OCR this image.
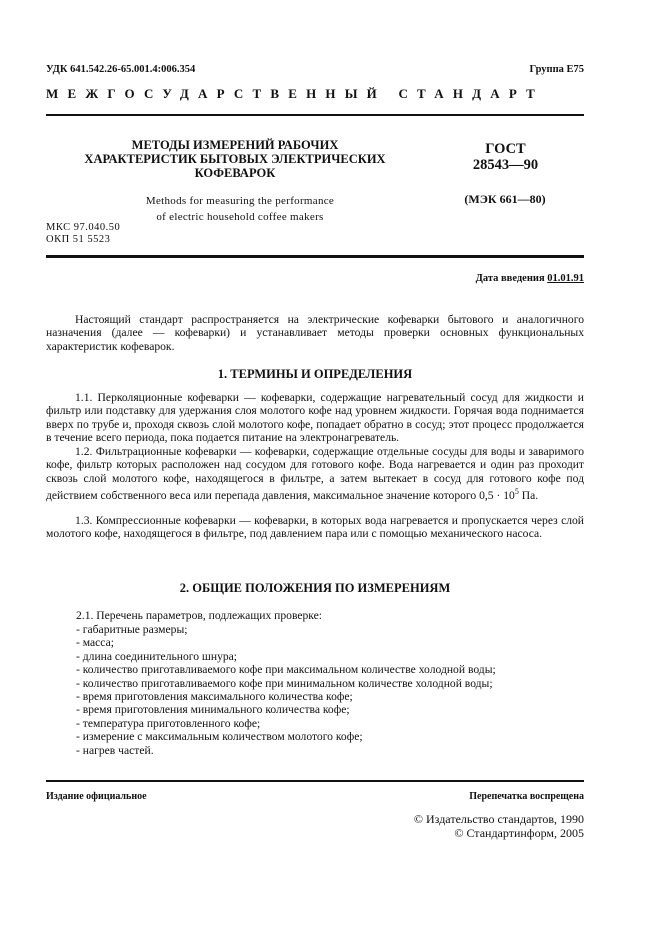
УДК 641.542.26-65.001.4:006.354	Группа E75
МЕЖГОСУДАРСТВЕННЫЙ СТАНДАРТ
МЕТОДЫ ИЗМЕРЕНИЙ РАБОЧИХ
ХАРАКТЕРИСТИК БЫТОВЫХ ЭЛЕКТРИЧЕСКИХ
КОФЕВАРОК
Methods for measuring the performance
of electric household coffee makers
ГОСТ
28543—90
(МЭК 661—80)
МКС 97.040.50
ОКП 51 5523
Дата введения 01.01.91
Настоящий стандарт распространяется на электрические кофеварки бытового и аналогичного назначения (далее — кофеварки) и устанавливает методы проверки основных функциональных характеристик кофеварок.
1. ТЕРМИНЫ И ОПРЕДЕЛЕНИЯ
1.1. Перколяционные кофеварки — кофеварки, содержащие нагревательный сосуд для жидкости и фильтр или подставку для удержания слоя молотого кофе над уровнем жидкости. Горячая вода поднимается вверх по трубе и, проходя сквозь слой молотого кофе, попадает обратно в сосуд; этот процесс продолжается в течение всего периода, пока подается питание на электронагреватель.
1.2. Фильтрационные кофеварки — кофеварки, содержащие отдельные сосуды для воды и заваримого кофе, фильтр которых расположен над сосудом для готового кофе. Вода нагревается и один раз проходит сквозь слой молотого кофе, находящегося в фильтре, а затем вытекает в сосуд для готового кофе под действием собственного веса или перепада давления, максимальное значение которого $0,5 \cdot 10^5$ Па.
1.3. Компрессионные кофеварки — кофеварки, в которых вода нагревается и пропускается через слой молотого кофе, находящегося в фильтре, под давлением пара или с помощью механического насоса.
2. ОБЩИЕ ПОЛОЖЕНИЯ ПО ИЗМЕРЕНИЯМ
2.1. Перечень параметров, подлежащих проверке:
- габаритные размеры;
- масса;
- длина соединительного шнура;
- количество приготавливаемого кофе при максимальном количестве холодной воды;
- количество приготавливаемого кофе при минимальном количестве холодной воды;
- время приготовления максимального количества кофе;
- время приготовления минимального количества кофе;
- температура приготовленного кофе;
- измерение с максимальным количеством молотого кофе;
- нагрев частей.
Издание официальное	Перепечатка воспрещена
© Издательство стандартов, 1990
© Стандартинформ, 2005
